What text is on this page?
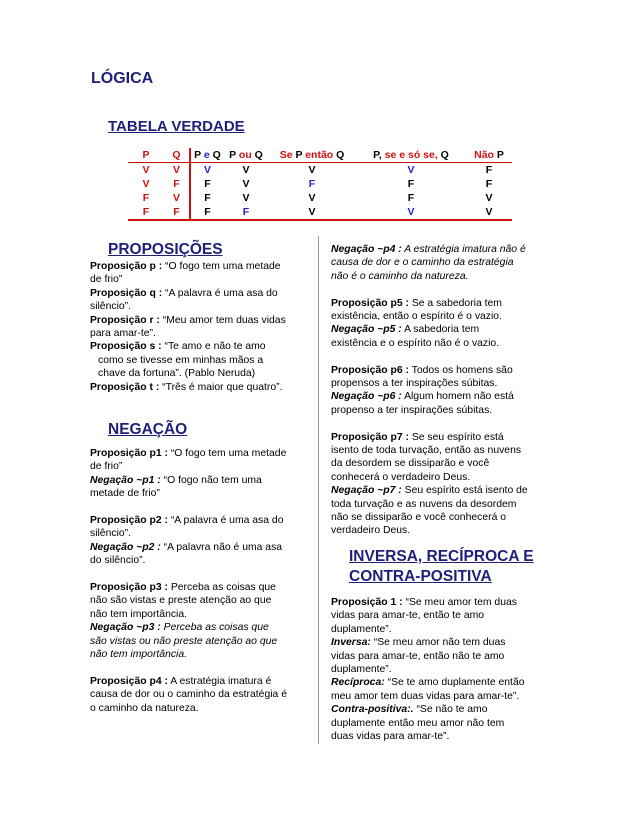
LÓGICA
TABELA VERDADE
P	Q	P e Q	P ou Q	Se P então Q	P, se e só se, Q	Não P
V	V	V	V	V	V	F
V	F	F	V	F	F	F
F	V	F	V	V	F	V
F	F	F	F	V	V	V
PROPOSIÇÕES

Proposição p : “O fogo tem uma metade

de frio”

Proposição q : “A palavra é uma asa do

silêncio”.

Proposição r : “Meu amor tem duas vidas

para amar-te”.

Proposição s : “Te amo e não te amo

como se tivesse em minhas mãos a

chave da fortuna”. (Pablo Neruda)

Proposição t : “Três é maior que quatro”.

NEGAÇÃO

Proposição p1 : “O fogo tem uma metade

de frio”

Negação ~p1 : “O fogo não tem uma

metade de frio”

Proposição p2 : “A palavra é uma asa do

silêncio”.

Negação ~p2 : “A palavra não é uma asa

do silêncio”.

Proposição p3 : Perceba as coisas que

não são vistas e preste atenção ao que

não tem importância.

Negação ~p3 : Perceba as coisas que

são vistas ou não preste atenção ao que

não tem importância.

Proposição p4 : A estratégia imatura é

causa de dor ou o caminho da estratégia é

o caminho da natureza.

Negação ~p4 : A estratégia imatura não é

causa de dor e o caminho da estratégia

não é o caminho da natureza.

Proposição p5 : Se a sabedoria tem

existência, então o espírito é o vazio.

Negação ~p5 : A sabedoria tem

existência e o espírito não é o vazio.

Proposição p6 : Todos os homens são

propensos a ter inspirações súbitas.

Negação ~p6 : Algum homem não está

propenso a ter inspirações súbitas.

Proposição p7 : Se seu espírito está

isento de toda turvação, então as nuvens

da desordem se dissiparão e você

conhecerá o verdadeiro Deus.

Negação ~p7 : Seu espírito está isento de

toda turvação e as nuvens da desordem

não se dissiparão e você conhecerá o

verdadeiro Deus.

INVERSA, RECÍPROCA E
CONTRA-POSITIVA

Proposição 1 : “Se meu amor tem duas

vidas para amar-te, então te amo

duplamente”.

Inversa: “Se meu amor não tem duas

vidas para amar-te, então não te amo

duplamente”.

Recíproca: “Se te amo duplamente então

meu amor tem duas vidas para amar-te”.

Contra-positiva:. “Se não te amo

duplamente então meu amor não tem

duas vidas para amar-te”.
